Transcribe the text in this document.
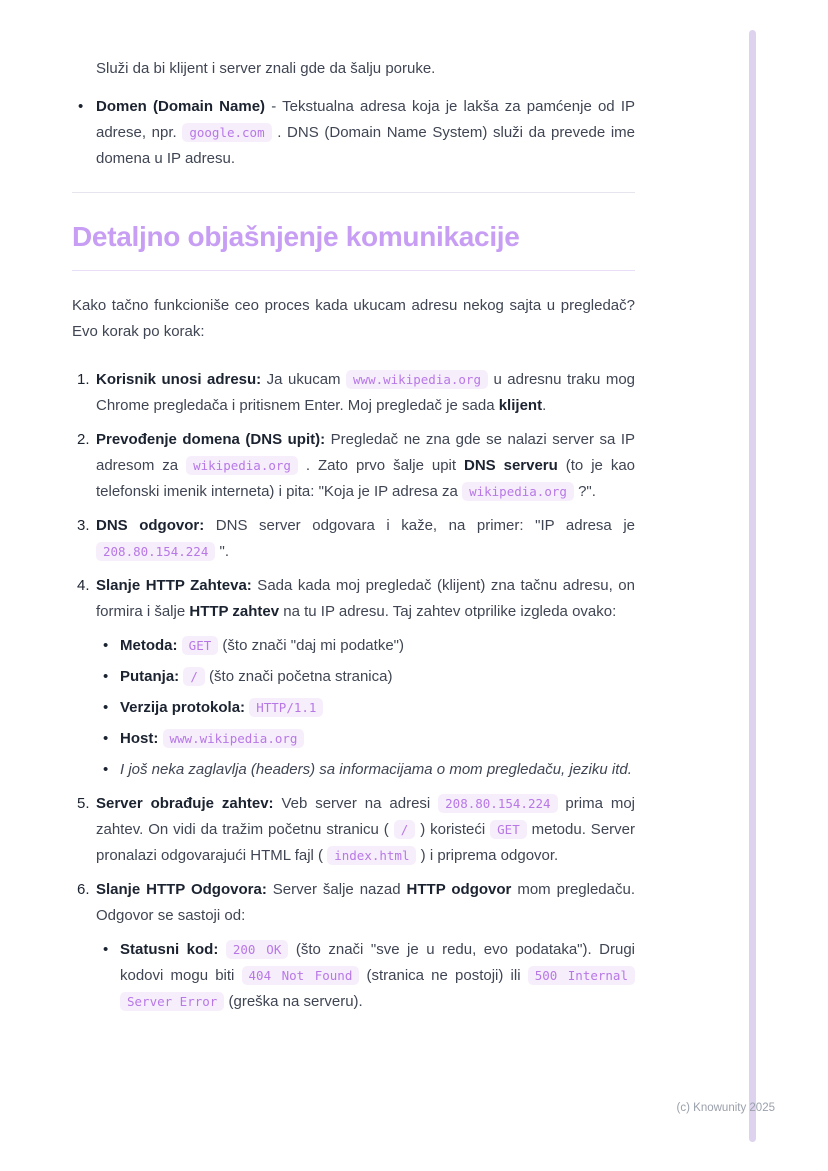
Služi da bi klijent i server znali gde da šalju poruke.

• Domen (Domain Name) - Tekstualna adresa koja je lakša za pamćenje od IP adrese, npr. google.com . DNS (Domain Name System) služi da prevede ime domena u IP adresu.
Detaljno objašnjenje komunikacije

Kako tačno funkcioniše ceo proces kada ukucam adresu nekog sajta u pregledač? Evo korak po korak:

1. Korisnik unosi adresu: Ja ukucam www.wikipedia.org u adresnu traku mog Chrome pregledača i pritisnem Enter. Moj pregledač je sada klijent.
2. Prevođenje domena (DNS upit): Pregledač ne zna gde se nalazi server sa IP adresom za wikipedia.org . Zato prvo šalje upit DNS serveru (to je kao telefonski imenik interneta) i pita: "Koja je IP adresa za wikipedia.org ?".
3. DNS odgovor: DNS server odgovara i kaže, na primer: "IP adresa je 208.80.154.224 ".
4. Slanje HTTP Zahteva: Sada kada moj pregledač (klijent) zna tačnu adresu, on formira i šalje HTTP zahtev na tu IP adresu. Taj zahtev otprilike izgleda ovako:
• Metoda: GET (što znači "daj mi podatke")
• Putanja: / (što znači početna stranica)
• Verzija protokola: HTTP/1.1
• Host: www.wikipedia.org
• I još neka zaglavlja (headers) sa informacijama o mom pregledaču, jeziku itd.
5. Server obrađuje zahtev: Veb server na adresi 208.80.154.224 prima moj zahtev. On vidi da tražim početnu stranicu ( / ) koristeći GET metodu. Server pronalazi odgovarajući HTML fajl ( index.html ) i priprema odgovor.
6. Slanje HTTP Odgovora: Server šalje nazad HTTP odgovor mom pregledaču. Odgovor se sastoji od:
• Statusni kod: 200 OK (što znači "sve je u redu, evo podataka"). Drugi kodovi mogu biti 404 Not Found (stranica ne postoji) ili 500 Internal Server Error (greška na serveru).
(c) Knowunity 2025
